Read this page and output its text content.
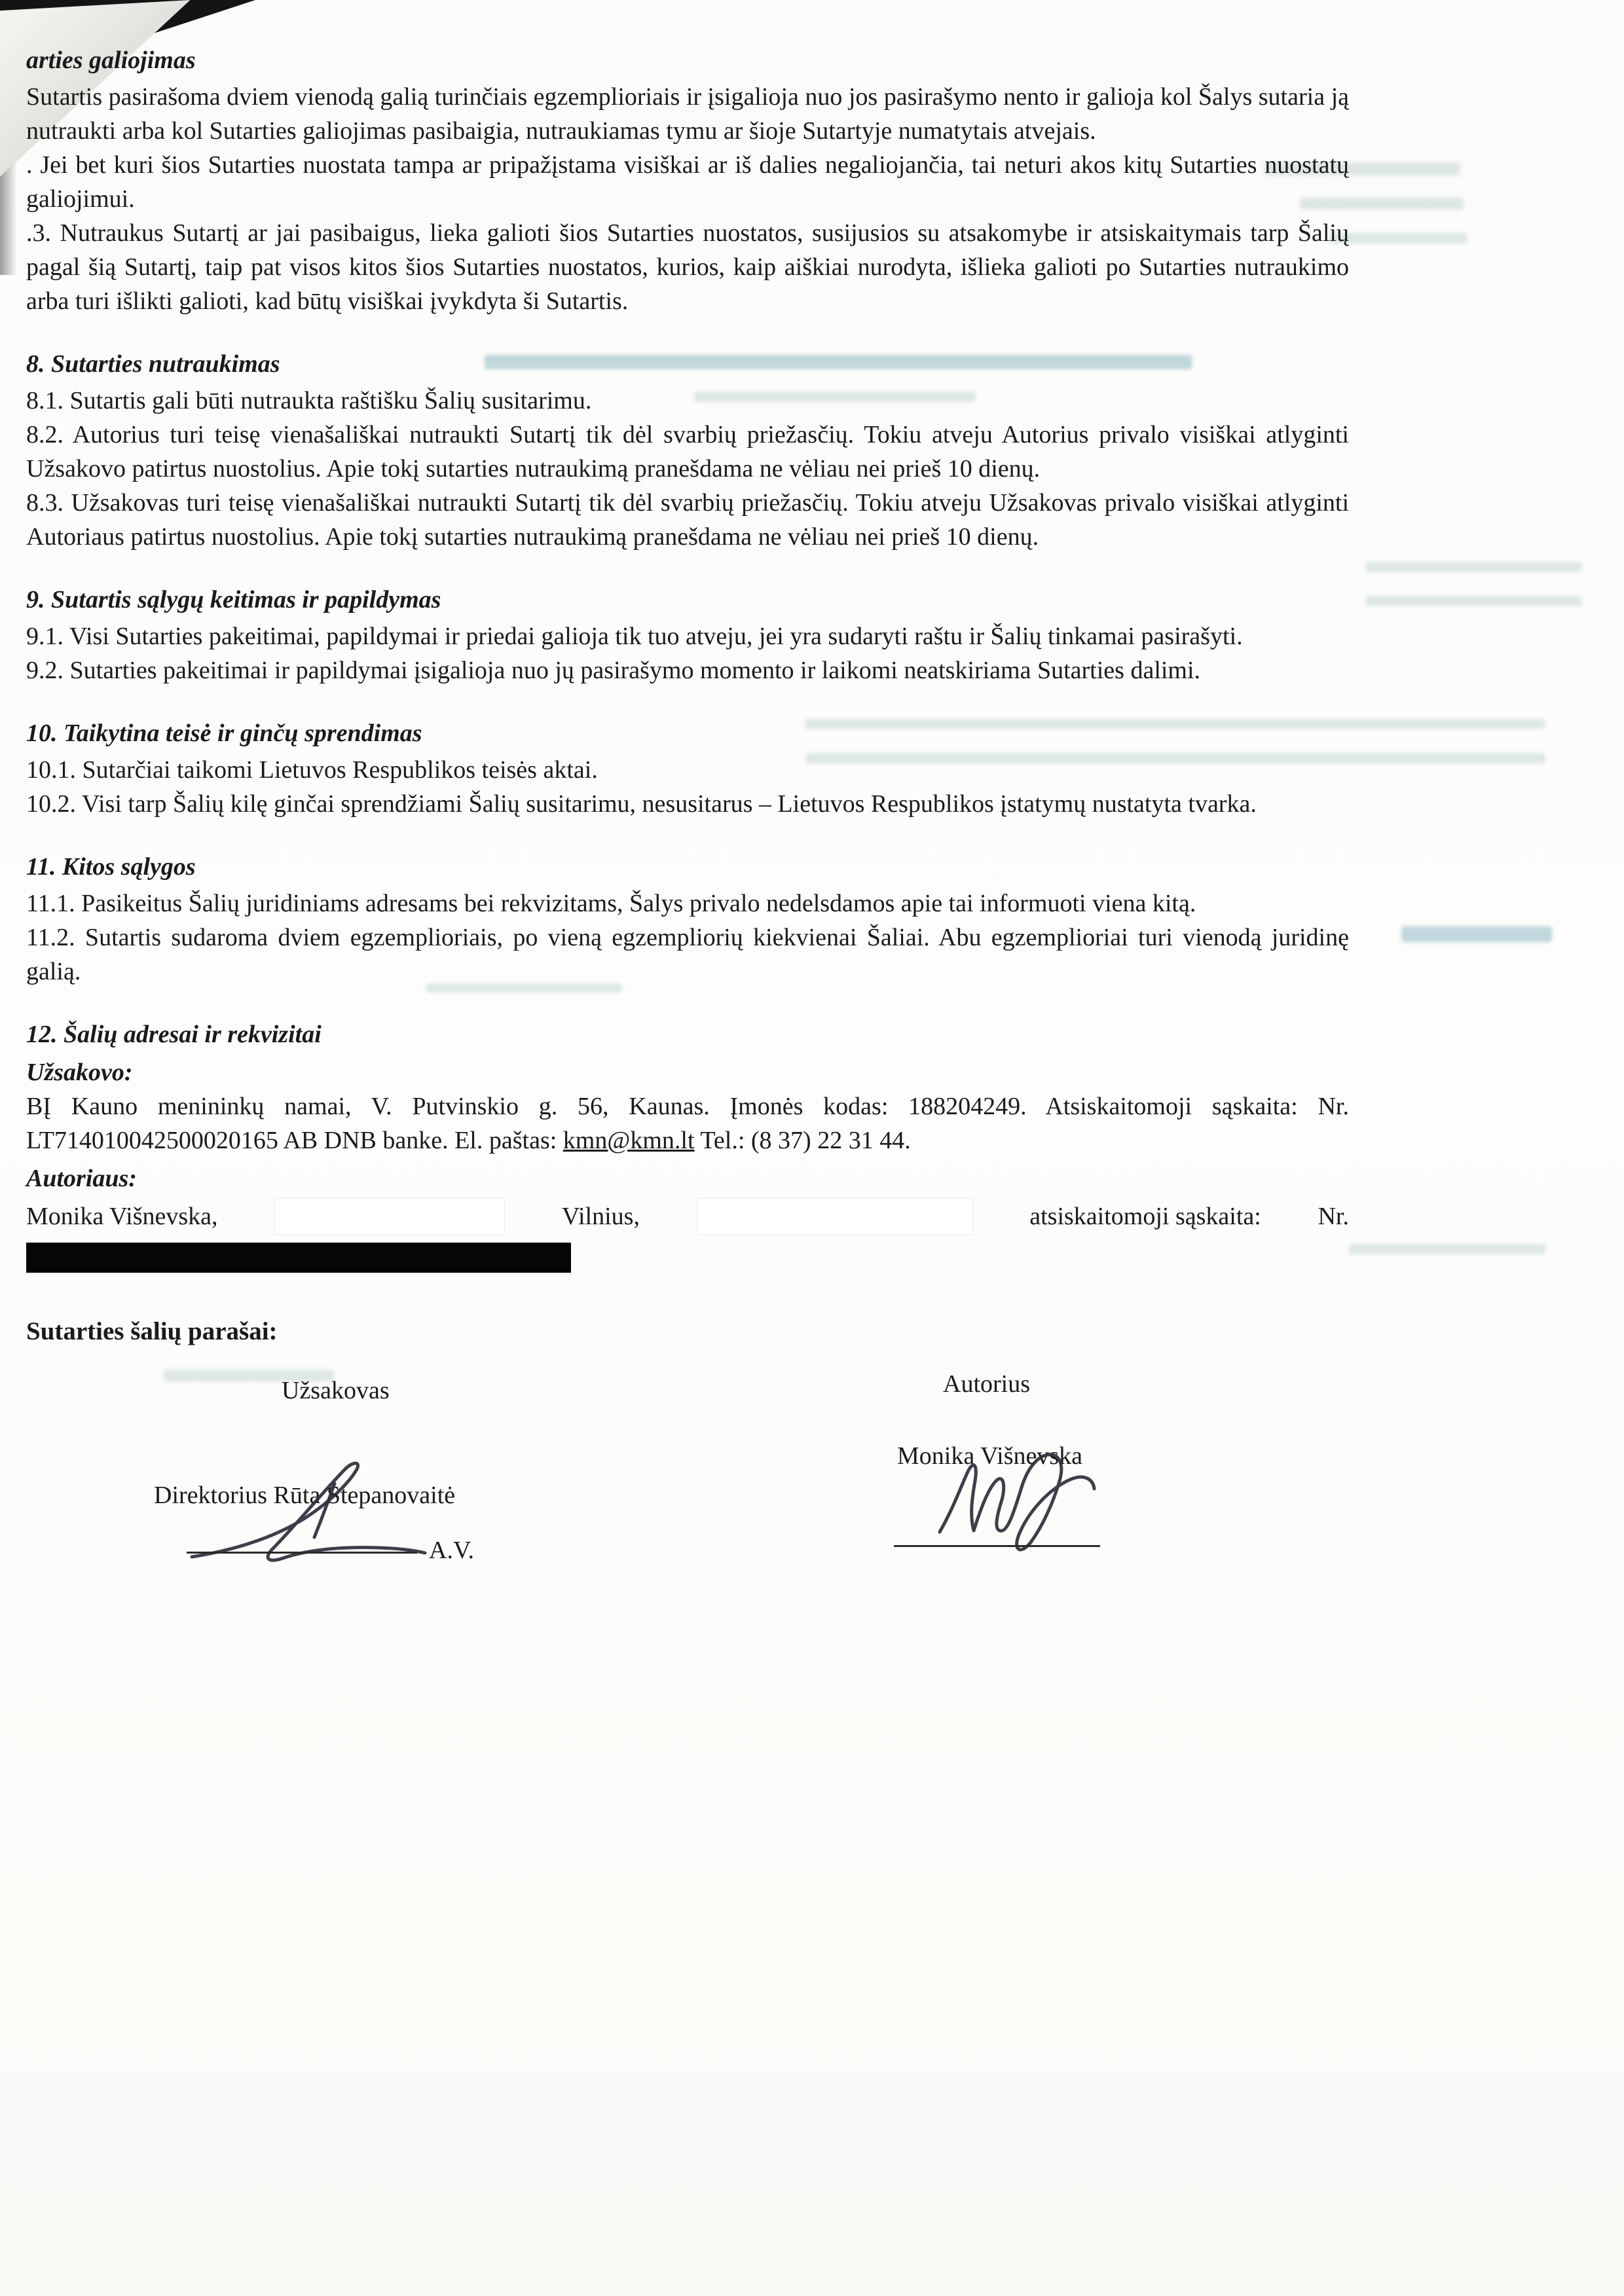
arties galiojimas

Sutartis pasirašoma dviem vienodą galią turinčiais egzemplioriais ir įsigalioja nuo jos pasirašymo nento ir galioja kol Šalys sutaria ją nutraukti arba kol Sutarties galiojimas pasibaigia, nutraukiamas tymu ar šioje Sutartyje numatytais atvejais.

. Jei bet kuri šios Sutarties nuostata tampa ar pripažįstama visiškai ar iš dalies negaliojančia, tai neturi akos kitų Sutarties nuostatų galiojimui.

.3. Nutraukus Sutartį ar jai pasibaigus, lieka galioti šios Sutarties nuostatos, susijusios su atsakomybe ir atsiskaitymais tarp Šalių pagal šią Sutartį, taip pat visos kitos šios Sutarties nuostatos, kurios, kaip aiškiai nurodyta, išlieka galioti po Sutarties nutraukimo arba turi išlikti galioti, kad būtų visiškai įvykdyta ši Sutartis.

8. Sutarties nutraukimas

8.1. Sutartis gali būti nutraukta raštišku Šalių susitarimu.

8.2. Autorius turi teisę vienašališkai nutraukti Sutartį tik dėl svarbių priežasčių. Tokiu atveju Autorius privalo visiškai atlyginti Užsakovo patirtus nuostolius. Apie tokį sutarties nutraukimą pranešdama ne vėliau nei prieš 10 dienų.

8.3. Užsakovas turi teisę vienašališkai nutraukti Sutartį tik dėl svarbių priežasčių. Tokiu atveju Užsakovas privalo visiškai atlyginti Autoriaus patirtus nuostolius. Apie tokį sutarties nutraukimą pranešdama ne vėliau nei prieš 10 dienų.

9. Sutartis sąlygų keitimas ir papildymas

9.1. Visi Sutarties pakeitimai, papildymai ir priedai galioja tik tuo atveju, jei yra sudaryti raštu ir Šalių tinkamai pasirašyti.

9.2. Sutarties pakeitimai ir papildymai įsigalioja nuo jų pasirašymo momento ir laikomi neatskiriama Sutarties dalimi.

10. Taikytina teisė ir ginčų sprendimas

10.1. Sutarčiai taikomi Lietuvos Respublikos teisės aktai.

10.2. Visi tarp Šalių kilę ginčai sprendžiami Šalių susitarimu, nesusitarus – Lietuvos Respublikos įstatymų nustatyta tvarka.

11. Kitos sąlygos

11.1. Pasikeitus Šalių juridiniams adresams bei rekvizitams, Šalys privalo nedelsdamos apie tai informuoti viena kitą.

11.2. Sutartis sudaroma dviem egzemplioriais, po vieną egzempliorių kiekvienai Šaliai. Abu egzemplioriai turi vienodą juridinę galią.

12. Šalių adresai ir rekvizitai
Užsakovo:

BĮ Kauno menininkų namai, V. Putvinskio g. 56, Kaunas. Įmonės kodas: 188204249. Atsiskaitomoji sąskaita: Nr. LT714010042500020165 AB DNB banke. El. paštas: kmn@kmn.lt Tel.: (8 37) 22 31 44.

Autoriaus:
Monika Višnevska,	Vilnius,	atsiskaitomoji sąskaita: Nr.
Sutarties šalių parašai:
Užsakovas	Autorius
Monika Višnevska
Direktorius Rūta Stepanovaitė
A.V.
